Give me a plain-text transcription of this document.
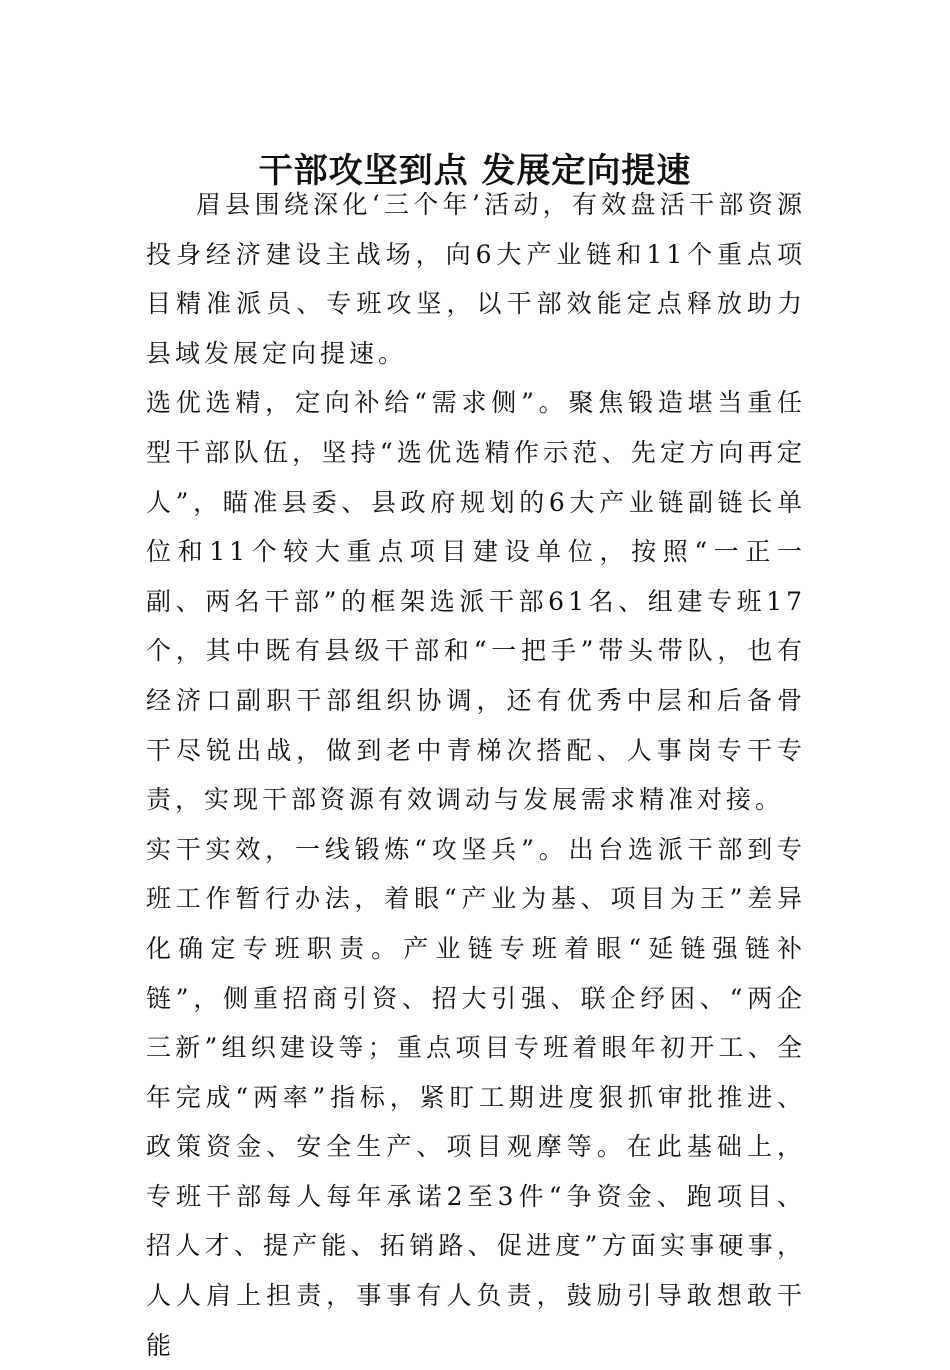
干部攻坚到点 发展定向提速

眉县围绕深化‘三个年’活动，有效盘活干部资源投身经济建设主战场，向6大产业链和11个重点项目精准派员、专班攻坚，以干部效能定点释放助力县域发展定向提速。

选优选精，定向补给“需求侧”。聚焦锻造堪当重任型干部队伍，坚持“选优选精作示范、先定方向再定人”，瞄准县委、县政府规划的6大产业链副链长单位和11个较大重点项目建设单位，按照“一正一副、两名干部”的框架选派干部61名、组建专班17个，其中既有县级干部和“一把手”带头带队，也有经济口副职干部组织协调，还有优秀中层和后备骨干尽锐出战，做到老中青梯次搭配、人事岗专干专责，实现干部资源有效调动与发展需求精准对接。

实干实效，一线锻炼“攻坚兵”。出台选派干部到专班工作暂行办法，着眼“产业为基、项目为王”差异化确定专班职责。产业链专班着眼“延链强链补链”，侧重招商引资、招大引强、联企纾困、“两企三新”组织建设等；重点项目专班着眼年初开工、全年完成“两率”指标，紧盯工期进度狠抓审批推进、政策资金、安全生产、项目观摩等。在此基础上，专班干部每人每年承诺2至3件“争资金、跑项目、招人才、提产能、拓销路、促进度”方面实事硬事，人人肩上担责，事事有人负责，鼓励引导敢想敢干能
